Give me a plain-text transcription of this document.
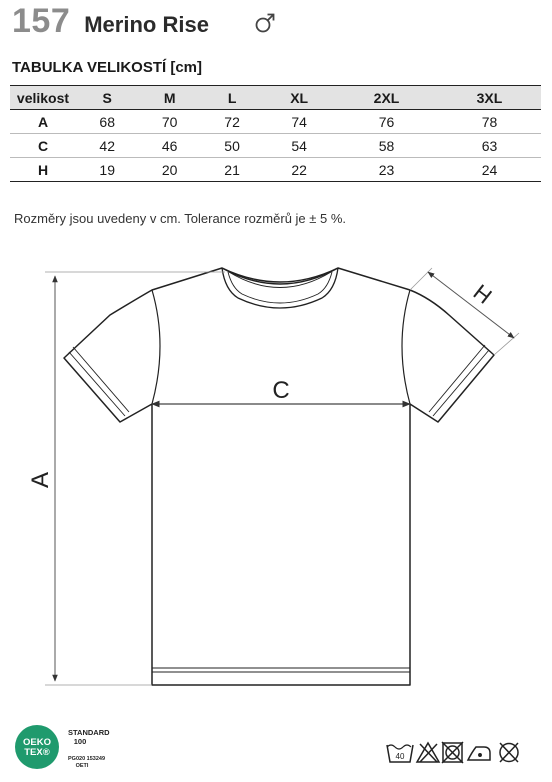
157 Merino Rise
TABULKA VELIKOSTÍ [cm]
velikost	S	M	L	XL	2XL	3XL
A	68	70	72	74	76	78
C	42	46	50	54	58	63
H	19	20	21	22	23	24
Rozměry jsou uvedeny v cm. Tolerance rozměrů je ± 5 %.
A
C
H
OEKO
TEX®
STANDARD
100
PG020 153249
OETI
40
